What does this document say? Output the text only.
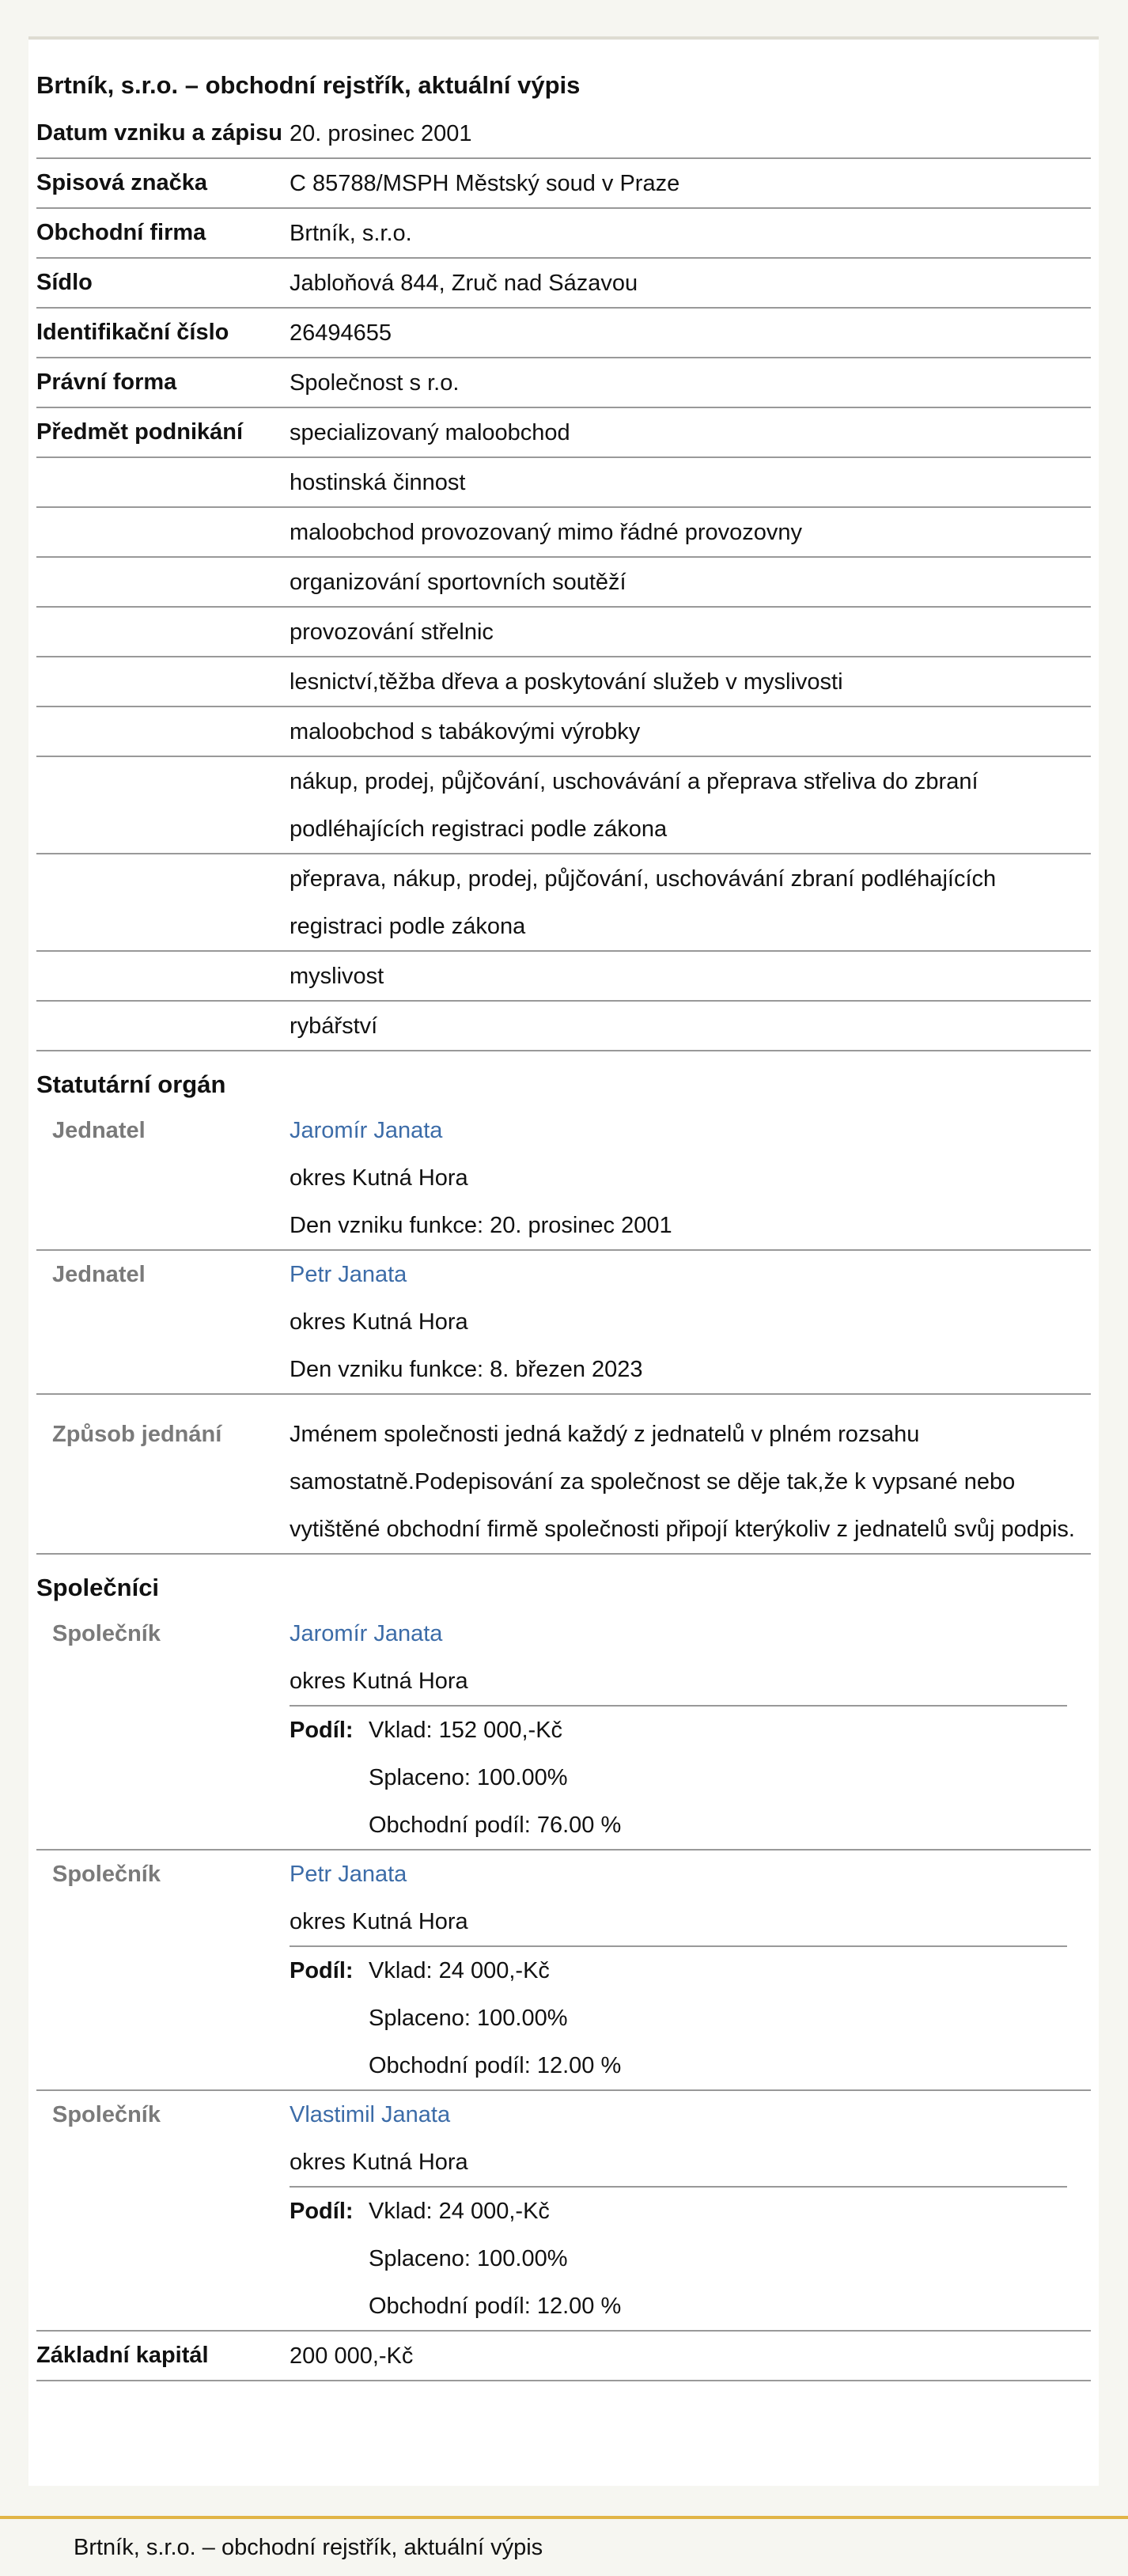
Brtník, s.r.o. – obchodní rejstřík, aktuální výpis
Datum vzniku a zápisu 20. prosinec 2001
Spisová značka	C 85788/MSPH Městský soud v Praze
Obchodní firma	Brtník, s.r.o.
Sídlo	Jabloňová 844, Zruč nad Sázavou
Identifikační číslo	26494655
Právní forma	Společnost s r.o.
Předmět podnikání	specializovaný maloobchod
hostinská činnost
maloobchod provozovaný mimo řádné provozovny
organizování sportovních soutěží
provozování střelnic
lesnictví,těžba dřeva a poskytování služeb v myslivosti
maloobchod s tabákovými výrobky
nákup, prodej, půjčování, uschovávání a přeprava střeliva do zbraní podléhajících registraci podle zákona
přeprava, nákup, prodej, půjčování, uschovávání zbraní podléhajících registraci podle zákona
myslivost
rybářství
Statutární orgán
Jednatel	Jaromír Janata
okres Kutná Hora
Den vzniku funkce: 20. prosinec 2001
Jednatel	Petr Janata
okres Kutná Hora
Den vzniku funkce: 8. březen 2023
Způsob jednání	Jménem společnosti jedná každý z jednatelů v plném rozsahu samostatně.Podepisování za společnost se děje tak,že k vypsané nebo vytištěné obchodní firmě společnosti připojí kterýkoliv z jednatelů svůj podpis.
Společníci
Společník	Jaromír Janata
okres Kutná Hora
Podíl: Vklad: 152 000,-Kč
Splaceno: 100.00%
Obchodní podíl: 76.00 %
Společník	Petr Janata
okres Kutná Hora
Podíl: Vklad: 24 000,-Kč
Splaceno: 100.00%
Obchodní podíl: 12.00 %
Společník	Vlastimil Janata
okres Kutná Hora
Podíl: Vklad: 24 000,-Kč
Splaceno: 100.00%
Obchodní podíl: 12.00 %
Základní kapitál	200 000,-Kč
Brtník, s.r.o. – obchodní rejstřík, aktuální výpis
